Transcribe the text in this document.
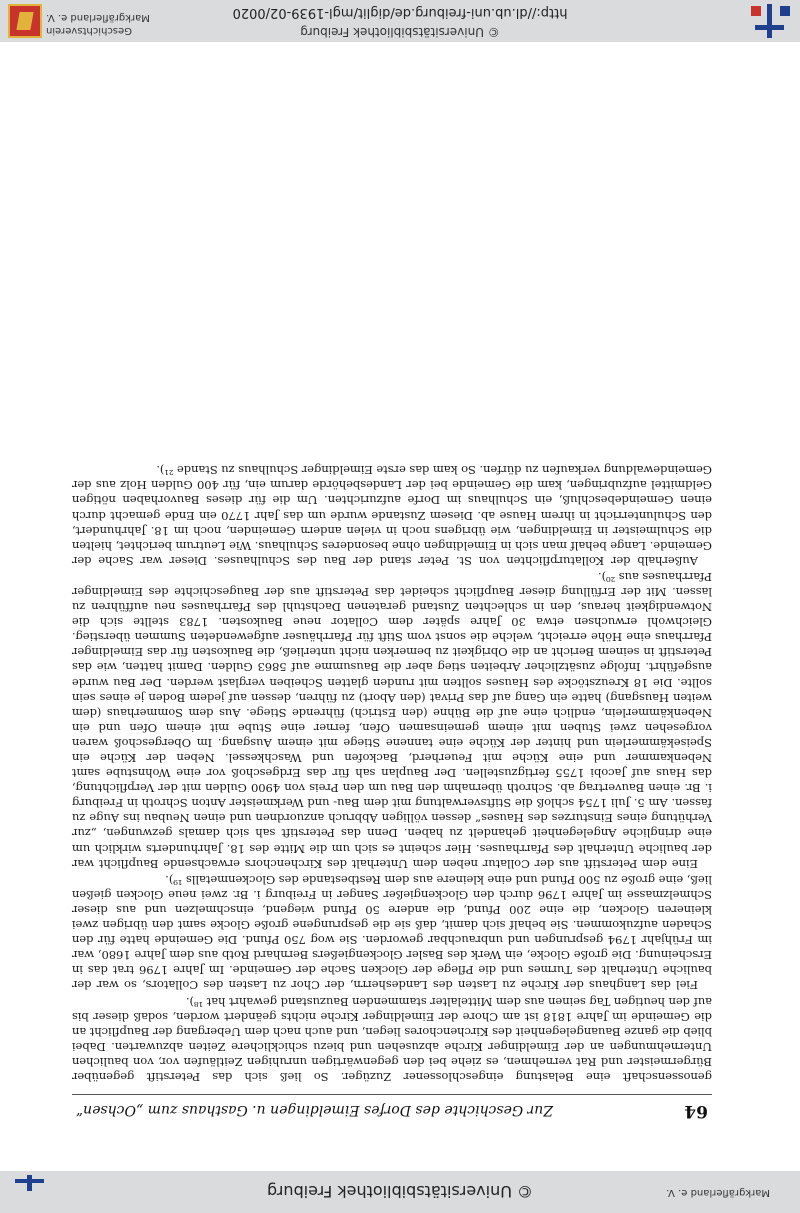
© Universitätsbibliothek Freiburg
http://dl.ub.uni-freiburg.de/diglit/mgl-1939-02/0020
Geschichtsverein
Markgräflerland e. V.
© Universitätsbibliothek Freiburg	Markgräflerland e. V.
64
Zur Geschichte des Dorfes Eimeldingen u. Gasthaus zum „Ochsen“

genossenschaft eine Belastung eingeschlossener Zuzüger. So ließ sich das Peterstift gegenüber Bürgermeister und Rat vernehmen, es ziehe bei den gegenwärtigen unruhigen Zeitläufen vor, von baulichen Unternehmungen an der Eimeldinger Kirche abzusehen und biezu schicklichere Zeiten abzuwarten. Dabei blieb die ganze Bauangelegenheit des Kirchenchores liegen, und auch nach dem Uebergang der Baupflicht an die Gemeinde im Jahre 1818 ist am Chore der Eimeldinger Kirche nichts geändert worden, sodaß dieser bis auf den heutigen Tag seinen aus dem Mittelalter stammenden Bauzustand gewahrt hat ¹⁸).

Fiel das Langhaus der Kirche zu Lasten des Landesherrn, der Chor zu Lasten des Collators, so war der bauliche Unterhalt des Turmes und die Pflege der Glocken Sache der Gemeinde. Im Jahre 1796 trat das in Erscheinung. Die große Glocke, ein Werk des Basler Glockengießers Bernhard Rotb aus dem Jahre 1680, war im Frühjahr 1794 gesprungen und unbrauchbar geworden. Sie wog 750 Pfund. Die Gemeinde hatte für den Schaden aufzukommen. Sie behalf sich damit, daß sie die gesprungene große Glocke samt den übrigen zwei kleineren Glocken, die eine 200 Pfund, die andere 50 Pfund wiegend, einschmelzen und aus dieser Schmelzmasse im Jahre 1796 durch den Glockengießer Sanger in Freiburg i. Br. zwei neue Glocken gießen ließ, eine große zu 500 Pfund und eine kleinere aus dem Restbestande des Glockenmetalls ¹⁹).

Eine dem Peterstift aus der Collatur neben dem Unterhalt des Kirchenchors erwachsende Baupflicht war der bauliche Unterhalt des Pfarrhauses. Hier scheint es sich um die Mitte des 18. Jahrhunderts wirklich um eine dringliche Angelegenheit gehandelt zu haben. Denn das Peterstift sah sich damals gezwungen, „zur Verhütung eines Einsturzes des Hauses“ dessen völligen Abbruch anzuordnen und einen Neubau ins Auge zu fassen. Am 5. Juli 1754 schloß die Stiftsverwaltung mit dem Bau- und Werkmeister Anton Schroth in Freiburg i. Br. einen Bauvertrag ab. Schroth übernahm den Bau um den Preis von 4900 Gulden mit der Verpflichtung, das Haus auf Jacobi 1755 fertigzustellen. Der Bauplan sah für das Erdgeschoß vor eine Wohnstube samt Nebenkammer und eine Küche mit Feuerherd, Backofen und Waschkessel. Neben der Küche ein Speisekämmerlein und hinter der Küche eine tannene Stiege mit einem Ausgang. Im Obergeschoß waren vorgesehen zwei Stuben mit einem gemeinsamen Ofen, ferner eine Stube mit einem Ofen und ein Nebenkämmerlein, endlich eine auf die Bühne (den Estrich) führende Stiege. Aus dem Sommerhaus (dem weiten Hausgang) hatte ein Gang auf das Privat (den Abort) zu führen, dessen auf jedem Boden je eines sein sollte. Die 18 Kreuzstöcke des Hauses sollten mit runden glatten Scheiben verglast werden. Der Bau wurde ausgeführt. Infolge zusätzlicher Arbeiten stieg aber die Bausumme auf 5863 Gulden. Damit hatten, wie das Peterstift in seinem Bericht an die Obrigkeit zu bemerken nicht unterließ, die Baukosten für das Eimeldinger Pfarrhaus eine Höhe erreicht, welche die sonst vom Stift für Pfarrhäuser aufgewendeten Summen überstieg. Gleichwohl erwuchsen etwa 30 Jahre später dem Collator neue Baukosten. 1783 stellte sich die Notwendigkeit heraus, den in schlechten Zustand geratenen Dachstuhl des Pfarrhauses neu aufführen zu lassen. Mit der Erfüllung dieser Baupflicht scheidet das Peterstift aus der Baugeschichte des Eimeldinger Pfarrhauses aus ²⁰).

Außerhalb der Kollaturpflichten von St. Peter stand der Bau des Schulhauses. Dieser war Sache der Gemeinde. Lange behalf man sich in Eimeldingen ohne besonderes Schulhaus. Wie Leutrum berichtet, hielten die Schulmeister in Eimeldingen, wie übrigens noch in vielen andern Gemeinden, noch im 18. Jahrhundert, den Schulunterricht in ihrem Hause ab. Diesem Zustande wurde um das Jahr 1770 ein Ende gemacht durch einen Gemeindebeschluß, ein Schulhaus im Dorfe aufzurichten. Um die für dieses Bauvorhaben nötigen Geldmittel aufzubringen, kam die Gemeinde bei der Landesbehörde darum ein, für 400 Gulden Holz aus der Gemeindewaldung verkaufen zu dürfen. So kam das erste Eimeldinger Schulhaus zu Stande ²¹).
